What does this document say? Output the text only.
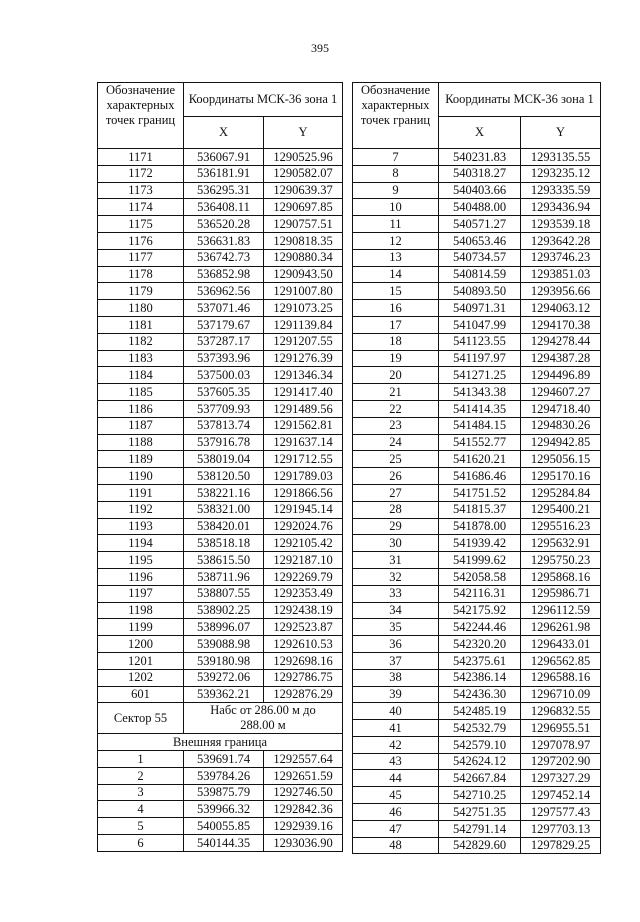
395
Обозначение характерных точек границ	Координаты МСК-36 зона 1	
	X	Y
1171	536067.91	1290525.96
1172	536181.91	1290582.07
1173	536295.31	1290639.37
1174	536408.11	1290697.85
1175	536520.28	1290757.51
1176	536631.83	1290818.35
1177	536742.73	1290880.34
1178	536852.98	1290943.50
1179	536962.56	1291007.80
1180	537071.46	1291073.25
1181	537179.67	1291139.84
1182	537287.17	1291207.55
1183	537393.96	1291276.39
1184	537500.03	1291346.34
1185	537605.35	1291417.40
1186	537709.93	1291489.56
1187	537813.74	1291562.81
1188	537916.78	1291637.14
1189	538019.04	1291712.55
1190	538120.50	1291789.03
1191	538221.16	1291866.56
1192	538321.00	1291945.14
1193	538420.01	1292024.76
1194	538518.18	1292105.42
1195	538615.50	1292187.10
1196	538711.96	1292269.79
1197	538807.55	1292353.49
1198	538902.25	1292438.19
1199	538996.07	1292523.87
1200	539088.98	1292610.53
1201	539180.98	1292698.16
1202	539272.06	1292786.75
601	539362.21	1292876.29
Сектор 55	Набс от 286.00 м до 288.00 м	
Внешняя граница		
1	539691.74	1292557.64
2	539784.26	1292651.59
3	539875.79	1292746.50
4	539966.32	1292842.36
5	540055.85	1292939.16
6	540144.35	1293036.90
Обозначение характерных точек границ	Координаты МСК-36 зона 1	
	X	Y
7	540231.83	1293135.55
8	540318.27	1293235.12
9	540403.66	1293335.59
10	540488.00	1293436.94
11	540571.27	1293539.18
12	540653.46	1293642.28
13	540734.57	1293746.23
14	540814.59	1293851.03
15	540893.50	1293956.66
16	540971.31	1294063.12
17	541047.99	1294170.38
18	541123.55	1294278.44
19	541197.97	1294387.28
20	541271.25	1294496.89
21	541343.38	1294607.27
22	541414.35	1294718.40
23	541484.15	1294830.26
24	541552.77	1294942.85
25	541620.21	1295056.15
26	541686.46	1295170.16
27	541751.52	1295284.84
28	541815.37	1295400.21
29	541878.00	1295516.23
30	541939.42	1295632.91
31	541999.62	1295750.23
32	542058.58	1295868.16
33	542116.31	1295986.71
34	542175.92	1296112.59
35	542244.46	1296261.98
36	542320.20	1296433.01
37	542375.61	1296562.85
38	542386.14	1296588.16
39	542436.30	1296710.09
40	542485.19	1296832.55
41	542532.79	1296955.51
42	542579.10	1297078.97
43	542624.12	1297202.90
44	542667.84	1297327.29
45	542710.25	1297452.14
46	542751.35	1297577.43
47	542791.14	1297703.13
48	542829.60	1297829.25
